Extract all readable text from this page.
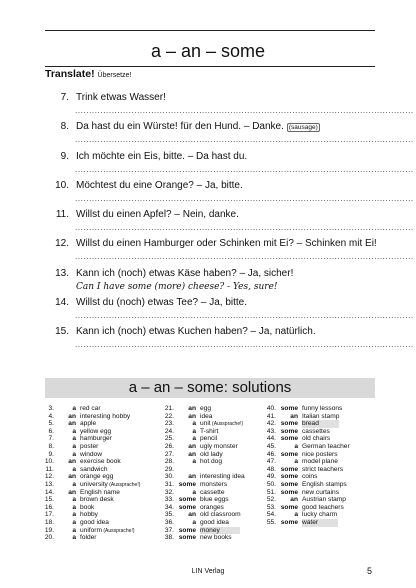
a – an – some
Translate! Übersetze!
7. Trink etwas Wasser!
........................................................................................................................
8. Da hast du ein Würste! für den Hund. – Danke. (sausage)
........................................................................................................................
9. Ich möchte ein Eis, bitte. – Da hast du.
........................................................................................................................
10. Möchtest du eine Orange? – Ja, bitte.
........................................................................................................................
11. Willst du einen Apfel? – Nein, danke.
........................................................................................................................
12. Willst du einen Hamburger oder Schinken mit Ei? – Schinken mit Ei!
........................................................................................................................
13. Kann ich (noch) etwas Käse haben? – Ja, sicher!
14. Willst du (noch) etwas Tee? – Ja, bitte.
........................................................................................................................
15. Kann ich (noch) etwas Kuchen haben? – Ja, natürlich.
........................................................................................................................
Can I have some (more) cheese? - Yes, sure!
a – an – some: solutions
3.	a red car
4.	an interesting hobby
5.	an apple
6.	a yellow egg
7.	a hamburger
8.	a poster
9.	a window
10.	an exercise book
11.	a sandwich
12.	an orange egg
13.	a university (Aussprache!)
14.	an English name
15.	a brown desk
16.	a book
17.	a hobby
18.	a good idea
19.	a uniform (Aussprache!)
20.	a folder
21.	an egg
22.	an idea
23.	a unit (Aussprache!)
24.	a T-shirt
25.	a pencil
26.	an ugly monster
27.	an old lady
28.	a hot dog
29.
30.	an interesting idea
31. some monsters
32.	a cassette
33. some blue eggs
34. some oranges
35.	an old classroom
36.	a good idea
37. some money
38. some new books
40. some funny lessons
41.	an Italian stamp
42. some bread
43. some cassettes
44. some old chairs
45.	a German teacher
46. some nice posters
47.	a model plane
48. some strict teachers
49. some coins
50. some English stamps
51. some new curtains
52.	an Austrian stamp
53. some good teachers
54.	a lucky charm
55. some water
LIN Verlag	5
